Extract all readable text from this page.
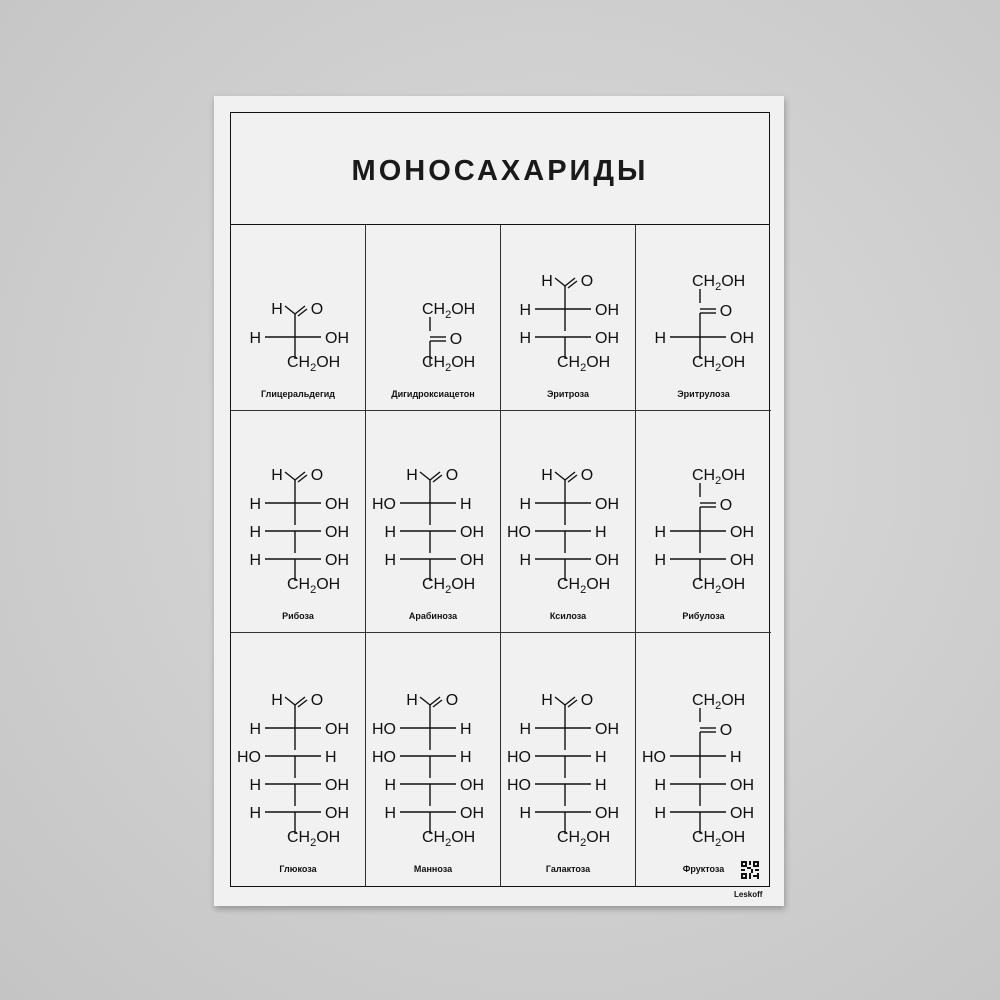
МОНОСАХАРИДЫ
H O
H	OH
$CH_2OH$
Глицеральдегид
$CH_2OH$
O
$CH_2OH$
Дигидроксиацетон
H O
H	OH
H	OH
$CH_2OH$
Эритроза
$CH_2OH$
O
H	OH
$CH_2OH$
Эритрулоза
H O
H	OH
H	OH
H	OH
$CH_2OH$
Рибоза
H O
HO	H
H	OH
H	OH
$CH_2OH$
Арабиноза
H O
H	OH
HO	H
H	OH
$CH_2OH$
Ксилоза
$CH_2OH$
O
H	OH
H	OH
$CH_2OH$
Рибулоза
H O
H	OH
HO	H
H	OH
H	OH
$CH_2OH$
Глюкоза
H O
HO	H
HO	H
H	OH
H	OH
$CH_2OH$
Манноза
H O
H	OH
HO	H
HO	H
H	OH
$CH_2OH$
Галактоза
$CH_2OH$
O
HO	H
H	OH
H	OH
$CH_2OH$
Фруктоза
Leskoff
